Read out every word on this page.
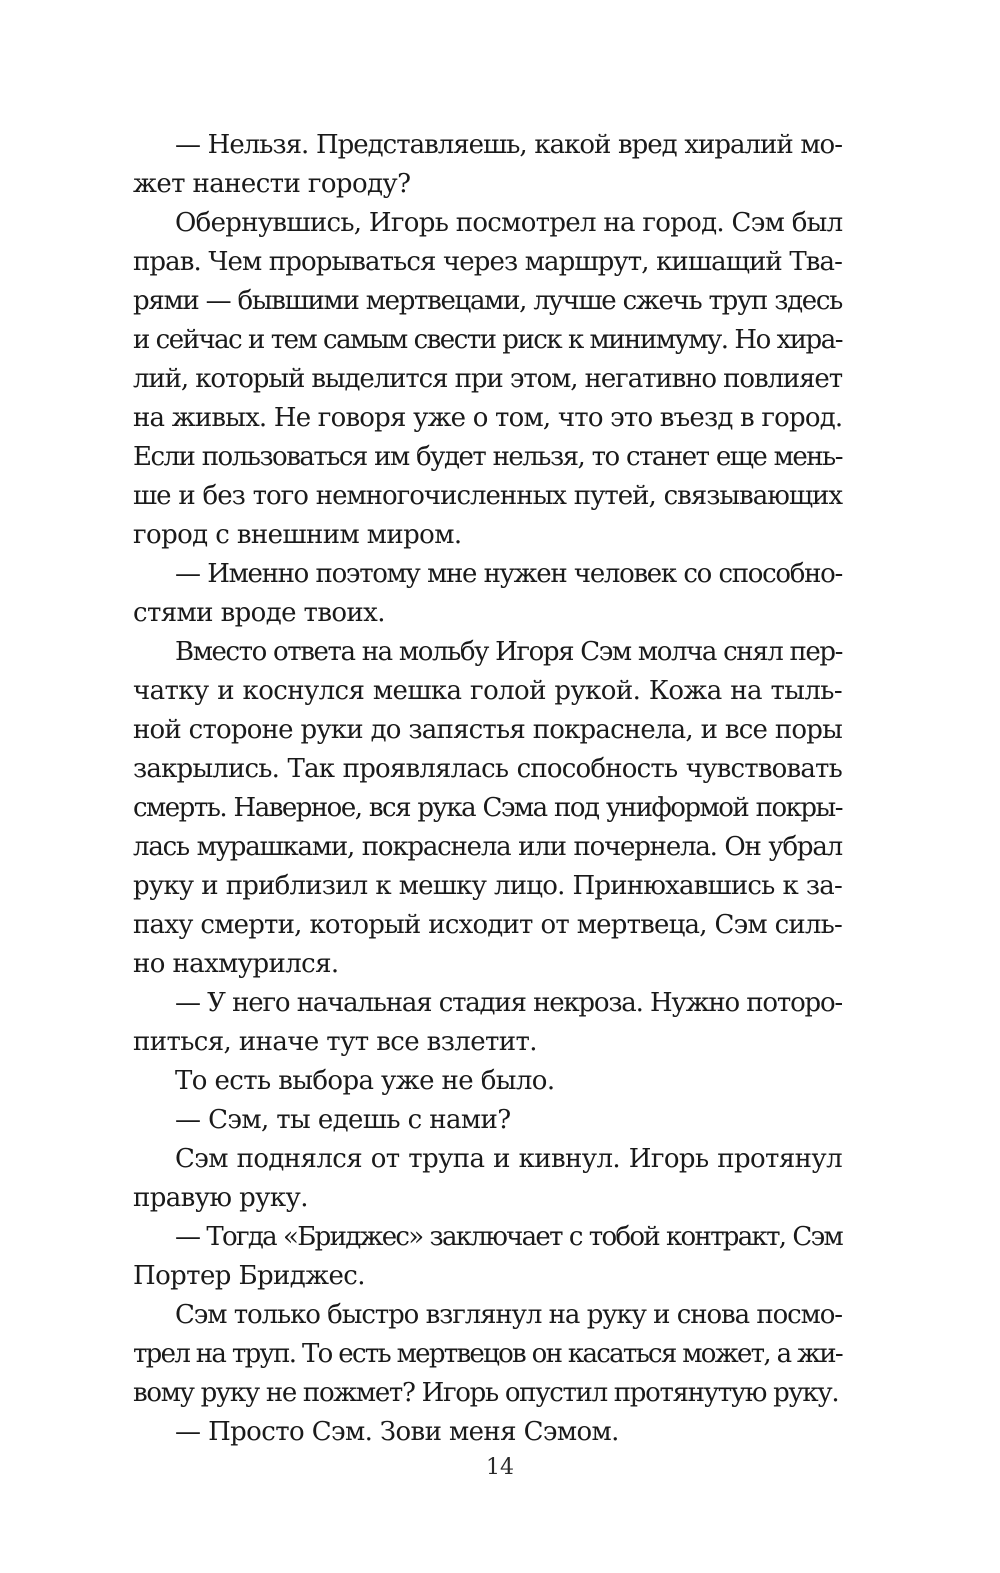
— Нельзя. Представляешь, какой вред хиралий мо-
жет нанести городу?
Обернувшись, Игорь посмотрел на город. Сэм был
прав. Чем прорываться через маршрут, кишащий Тва-
рями — бывшими мертвецами, лучше сжечь труп здесь
и сейчас и тем самым свести риск к минимуму. Но хира-
лий, который выделится при этом, негативно повлияет
на живых. Не говоря уже о том, что это въезд в город.
Если пользоваться им будет нельзя, то станет еще мень-
ше и без того немногочисленных путей, связывающих
город с внешним миром.
— Именно поэтому мне нужен человек со способно-
стями вроде твоих.
Вместо ответа на мольбу Игоря Сэм молча снял пер-
чатку и коснулся мешка голой рукой. Кожа на тыль-
ной стороне руки до запястья покраснела, и все поры
закрылись. Так проявлялась способность чувствовать
смерть. Наверное, вся рука Сэма под униформой покры-
лась мурашками, покраснела или почернела. Он убрал
руку и приблизил к мешку лицо. Принюхавшись к за-
паху смерти, который исходит от мертвеца, Сэм силь-
но нахмурился.
— У него начальная стадия некроза. Нужно поторо-
питься, иначе тут все взлетит.
То есть выбора уже не было.
— Сэм, ты едешь с нами?
Сэм поднялся от трупа и кивнул. Игорь протянул
правую руку.
— Тогда «Бриджес» заключает с тобой контракт, Сэм
Портер Бриджес.
Сэм только быстро взглянул на руку и снова посмо-
трел на труп. То есть мертвецов он касаться может, а жи-
вому руку не пожмет? Игорь опустил протянутую руку.
— Просто Сэм. Зови меня Сэмом.
14
